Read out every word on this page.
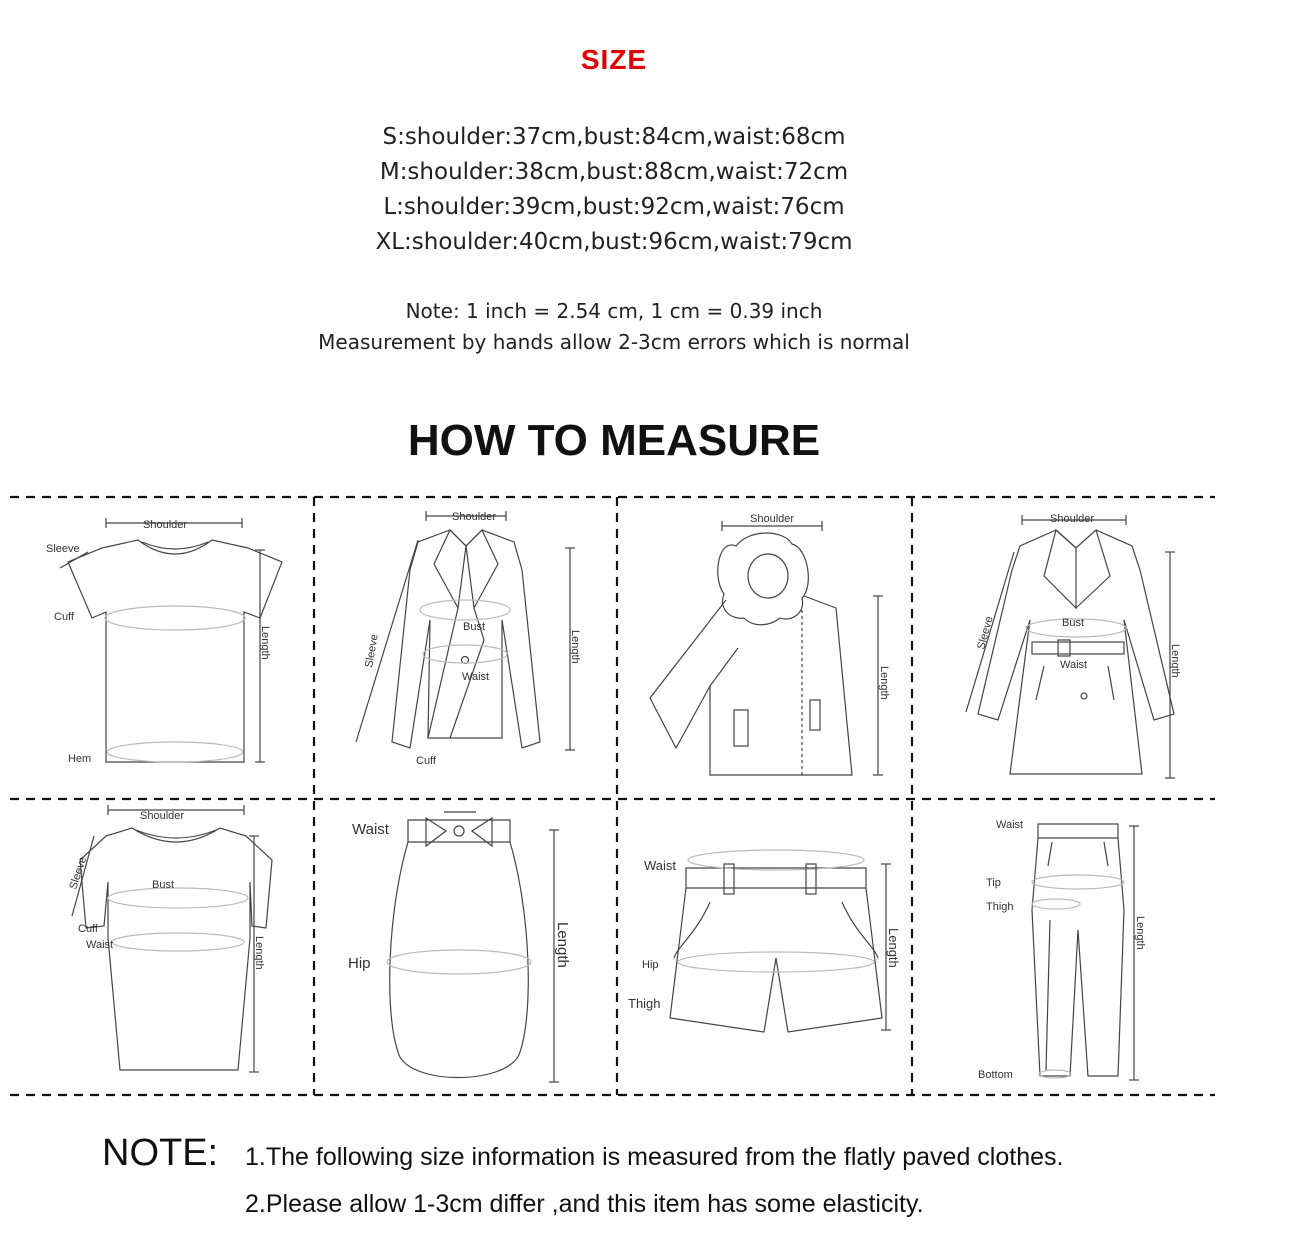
SIZE
S:shoulder:37cm,bust:84cm,waist:68cm
M:shoulder:38cm,bust:88cm,waist:72cm
L:shoulder:39cm,bust:92cm,waist:76cm
XL:shoulder:40cm,bust:96cm,waist:79cm
Note: 1 inch = 2.54 cm, 1 cm = 0.39 inch
Measurement by hands allow 2-3cm errors which is normal
HOW TO MEASURE
Shoulder
Sleeve
Cuff
Length
Hem
Shoulder
Bust
Waist
Sleeve	Length
Cuff
Shoulder
Length
Shoulder
Bust
Waist
Sleeve
Length
Shoulder
Bust
Sleeve
Cuff
Waist	Length
Waist
Hip	Length
Waist
Hip
Thigh
Length
Waist
Tip
Thigh
Length
Bottom
NOTE: 1.The following size information is measured from the flatly paved clothes.
2.Please allow 1-3cm differ ,and this item has some elasticity.
